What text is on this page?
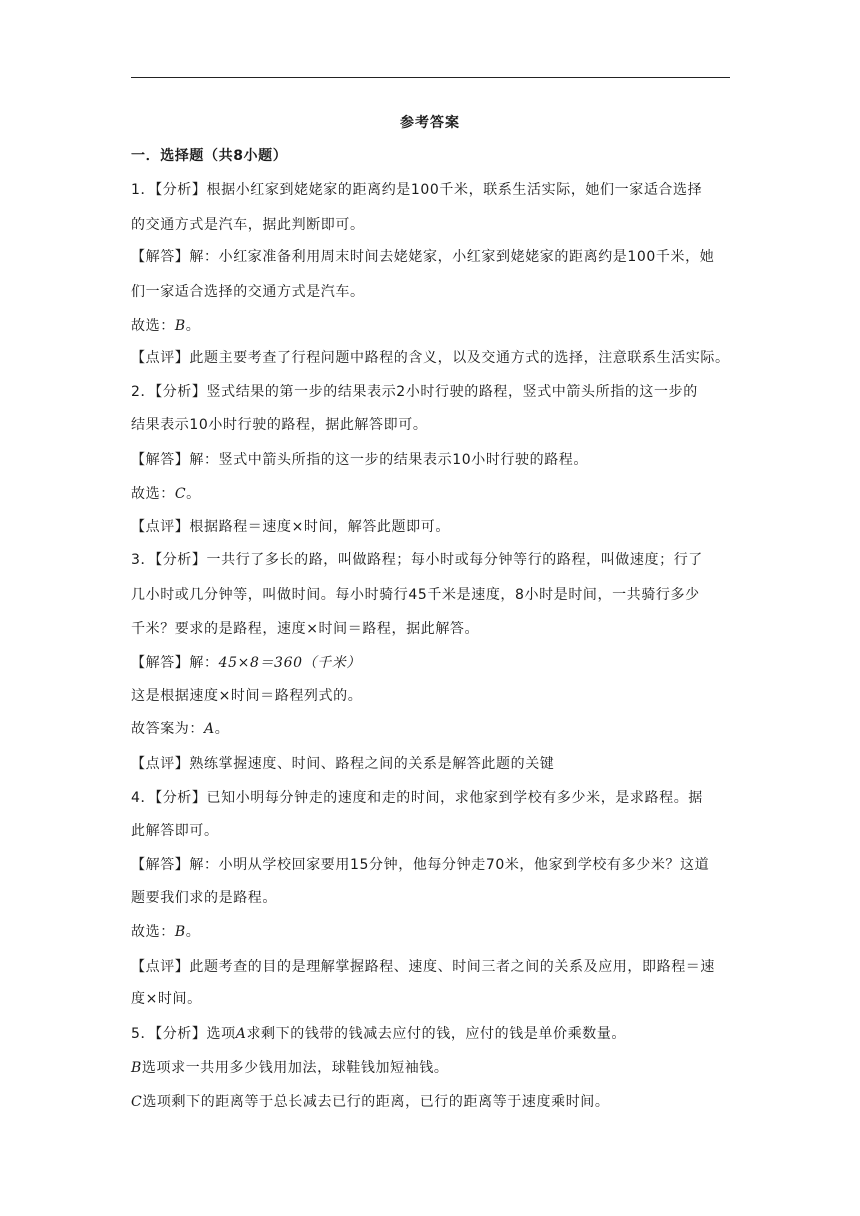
参考答案
一．选择题（共8小题）
1．【分析】根据小红家到姥姥家的距离约是100千米，联系生活实际，她们一家适合选择
的交通方式是汽车，据此判断即可。
【解答】解：小红家准备利用周末时间去姥姥家，小红家到姥姥家的距离约是100千米，她
们一家适合选择的交通方式是汽车。
故选：B。
【点评】此题主要考查了行程问题中路程的含义，以及交通方式的选择，注意联系生活实际。
2．【分析】竖式结果的第一步的结果表示2小时行驶的路程，竖式中箭头所指的这一步的
结果表示10小时行驶的路程，据此解答即可。
【解答】解：竖式中箭头所指的这一步的结果表示10小时行驶的路程。
故选：C。
【点评】根据路程＝速度×时间，解答此题即可。
3．【分析】一共行了多长的路，叫做路程；每小时或每分钟等行的路程，叫做速度；行了
几小时或几分钟等，叫做时间。每小时骑行45千米是速度，8小时是时间，一共骑行多少
千米？要求的是路程，速度×时间＝路程，据此解答。
【解答】解：45×8＝360（千米）
这是根据速度×时间＝路程列式的。
故答案为：A。
【点评】熟练掌握速度、时间、路程之间的关系是解答此题的关键
4．【分析】已知小明每分钟走的速度和走的时间，求他家到学校有多少米，是求路程。据
此解答即可。
【解答】解：小明从学校回家要用15分钟，他每分钟走70米，他家到学校有多少米？这道
题要我们求的是路程。
故选：B。
【点评】此题考查的目的是理解掌握路程、速度、时间三者之间的关系及应用，即路程＝速
度×时间。
5．【分析】选项A求剩下的钱带的钱减去应付的钱，应付的钱是单价乘数量。
B选项求一共用多少钱用加法，球鞋钱加短袖钱。
C选项剩下的距离等于总长减去已行的距离，已行的距离等于速度乘时间。
